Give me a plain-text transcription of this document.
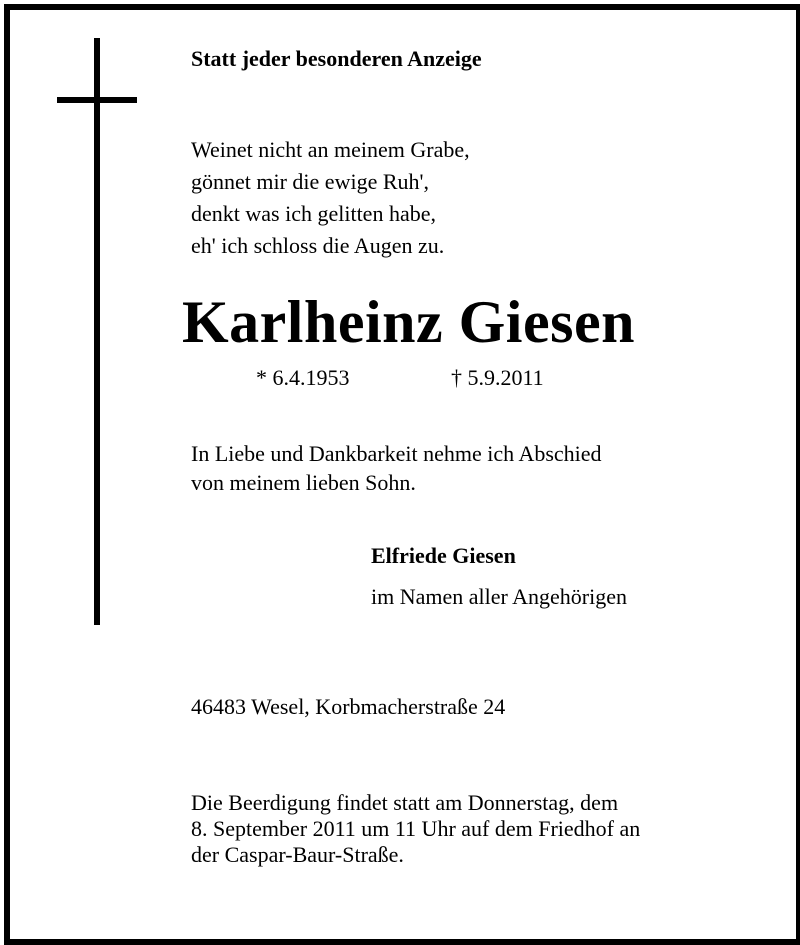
Statt jeder besonderen Anzeige
Weinet nicht an meinem Grabe,
gönnet mir die ewige Ruh',
denkt was ich gelitten habe,
eh' ich schloss die Augen zu.
Karlheinz Giesen
* 6.4.1953	† 5.9.2011
In Liebe und Dankbarkeit nehme ich Abschied
von meinem lieben Sohn.
Elfriede Giesen
im Namen aller Angehörigen
46483 Wesel, Korbmacherstraße 24
Die Beerdigung findet statt am Donnerstag, dem
8. September 2011 um 11 Uhr auf dem Friedhof an
der Caspar-Baur-Straße.
